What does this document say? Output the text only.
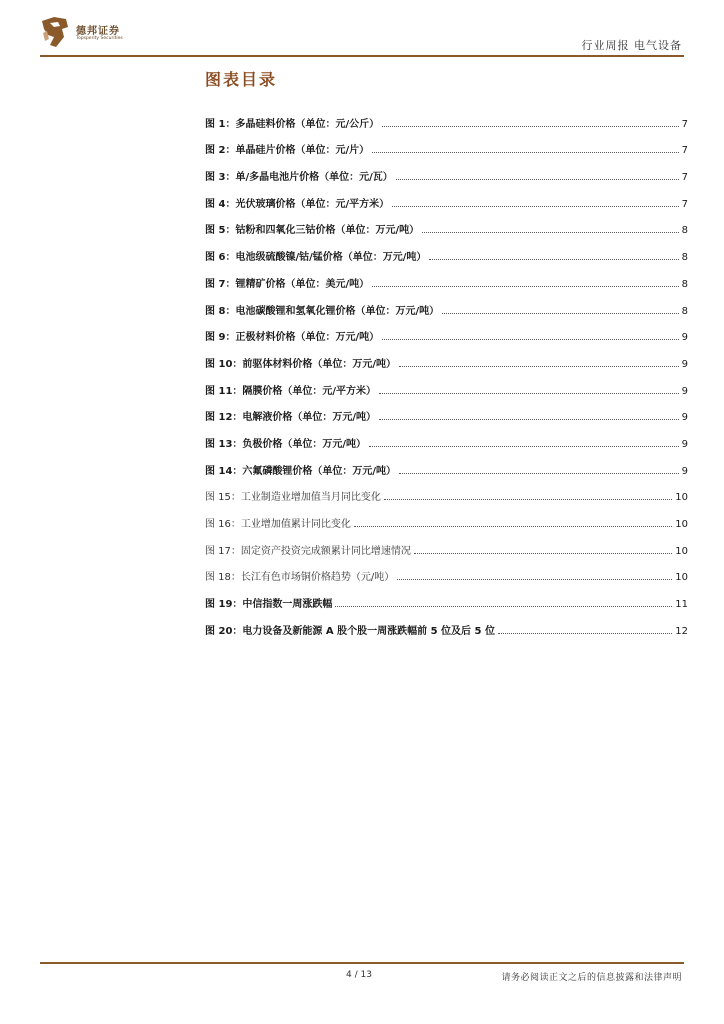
德邦证券
Topsperity Securities
行业周报 电气设备
图表目录
图 1：多晶硅料价格（单位：元/公斤）	7
图 2：单晶硅片价格（单位：元/片）	7
图 3：单/多晶电池片价格（单位：元/瓦）	7
图 4：光伏玻璃价格（单位：元/平方米）	7
图 5：钴粉和四氧化三钴价格（单位：万元/吨）	8
图 6：电池级硫酸镍/钴/锰价格（单位：万元/吨）	8
图 7：锂精矿价格（单位：美元/吨）	8
图 8：电池碳酸锂和氢氧化锂价格（单位：万元/吨）	8
图 9：正极材料价格（单位：万元/吨）	9
图 10：前驱体材料价格（单位：万元/吨）	9
图 11：隔膜价格（单位：元/平方米）	9
图 12：电解液价格（单位：万元/吨）	9
图 13：负极价格（单位：万元/吨）	9
图 14：六氟磷酸锂价格（单位：万元/吨）	9
图 15：工业制造业增加值当月同比变化	10
图 16：工业增加值累计同比变化	10
图 17：固定资产投资完成额累计同比增速情况	10
图 18：长江有色市场铜价格趋势（元/吨）	10
图 19：中信指数一周涨跌幅	11
图 20：电力设备及新能源 A 股个股一周涨跌幅前 5 位及后 5 位	12
4 / 13	请务必阅读正文之后的信息披露和法律声明
